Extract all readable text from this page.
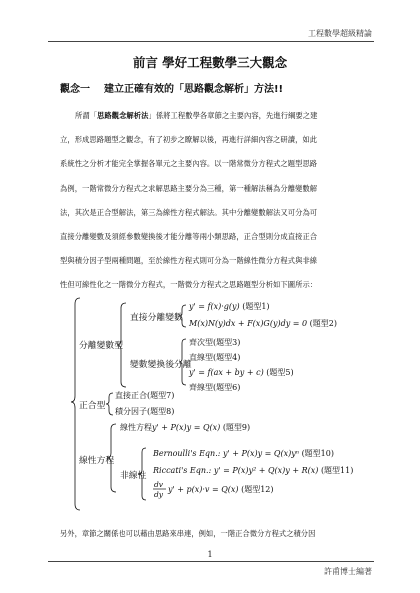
工程數學超級精論
前言 學好工程數學三大觀念
觀念一 建立正確有效的「思路觀念解析」方法!!

所謂「思路觀念解析法」係將工程數學各章節之主要內容，先進行綱要之建

立，形成思路題型之觀念，有了初步之瞭解以後，再進行詳細內容之研讀，如此

系統性之分析才能完全掌握各單元之主要內容。以一階常微分方程式之題型思路

為例，一階常微分方程式之求解思路主要分為三種，第一種解法稱為分離變數解

法，其次是正合型解法，第三為線性方程式解法。其中分離變數解法又可分為可

直接分離變數及須經參數變換後才能分離等兩小類思路，正合型則分成直接正合

型與積分因子型兩種問題，至於線性方程式則可分為一階線性微分方程式與非線

性但可線性化之一階微分方程式，一階微分方程式之思路題型分析如下圖所示：

分離變數型
直接分離變數
y' = f(x)·g(y) (題型1)
M(x)N(y)dx + F(x)G(y)dy = 0 (題型2)
變數變換後分離
齊次型(題型3)
直線型(題型4)
y' = f(ax + by + c) (題型5)
齊線型(題型6)
正合型
直接正合(題型7)
積分因子(題型8)
線性方程
線性方程y' + P(x)y = Q(x) (題型9)
非線性
Bernoulli's Eqn.: y' + P(x)y = Q(x)yⁿ (題型10)
Riccati's Eqn.: y' = P(x)y² + Q(x)y + R(x) (題型11)
dv
dy
y' + p(x)·v = Q(x) (題型12)
另外，章節之關係也可以藉由思路來串連，例如，一階正合微分方程式之積分因
1
許甫博士編著
